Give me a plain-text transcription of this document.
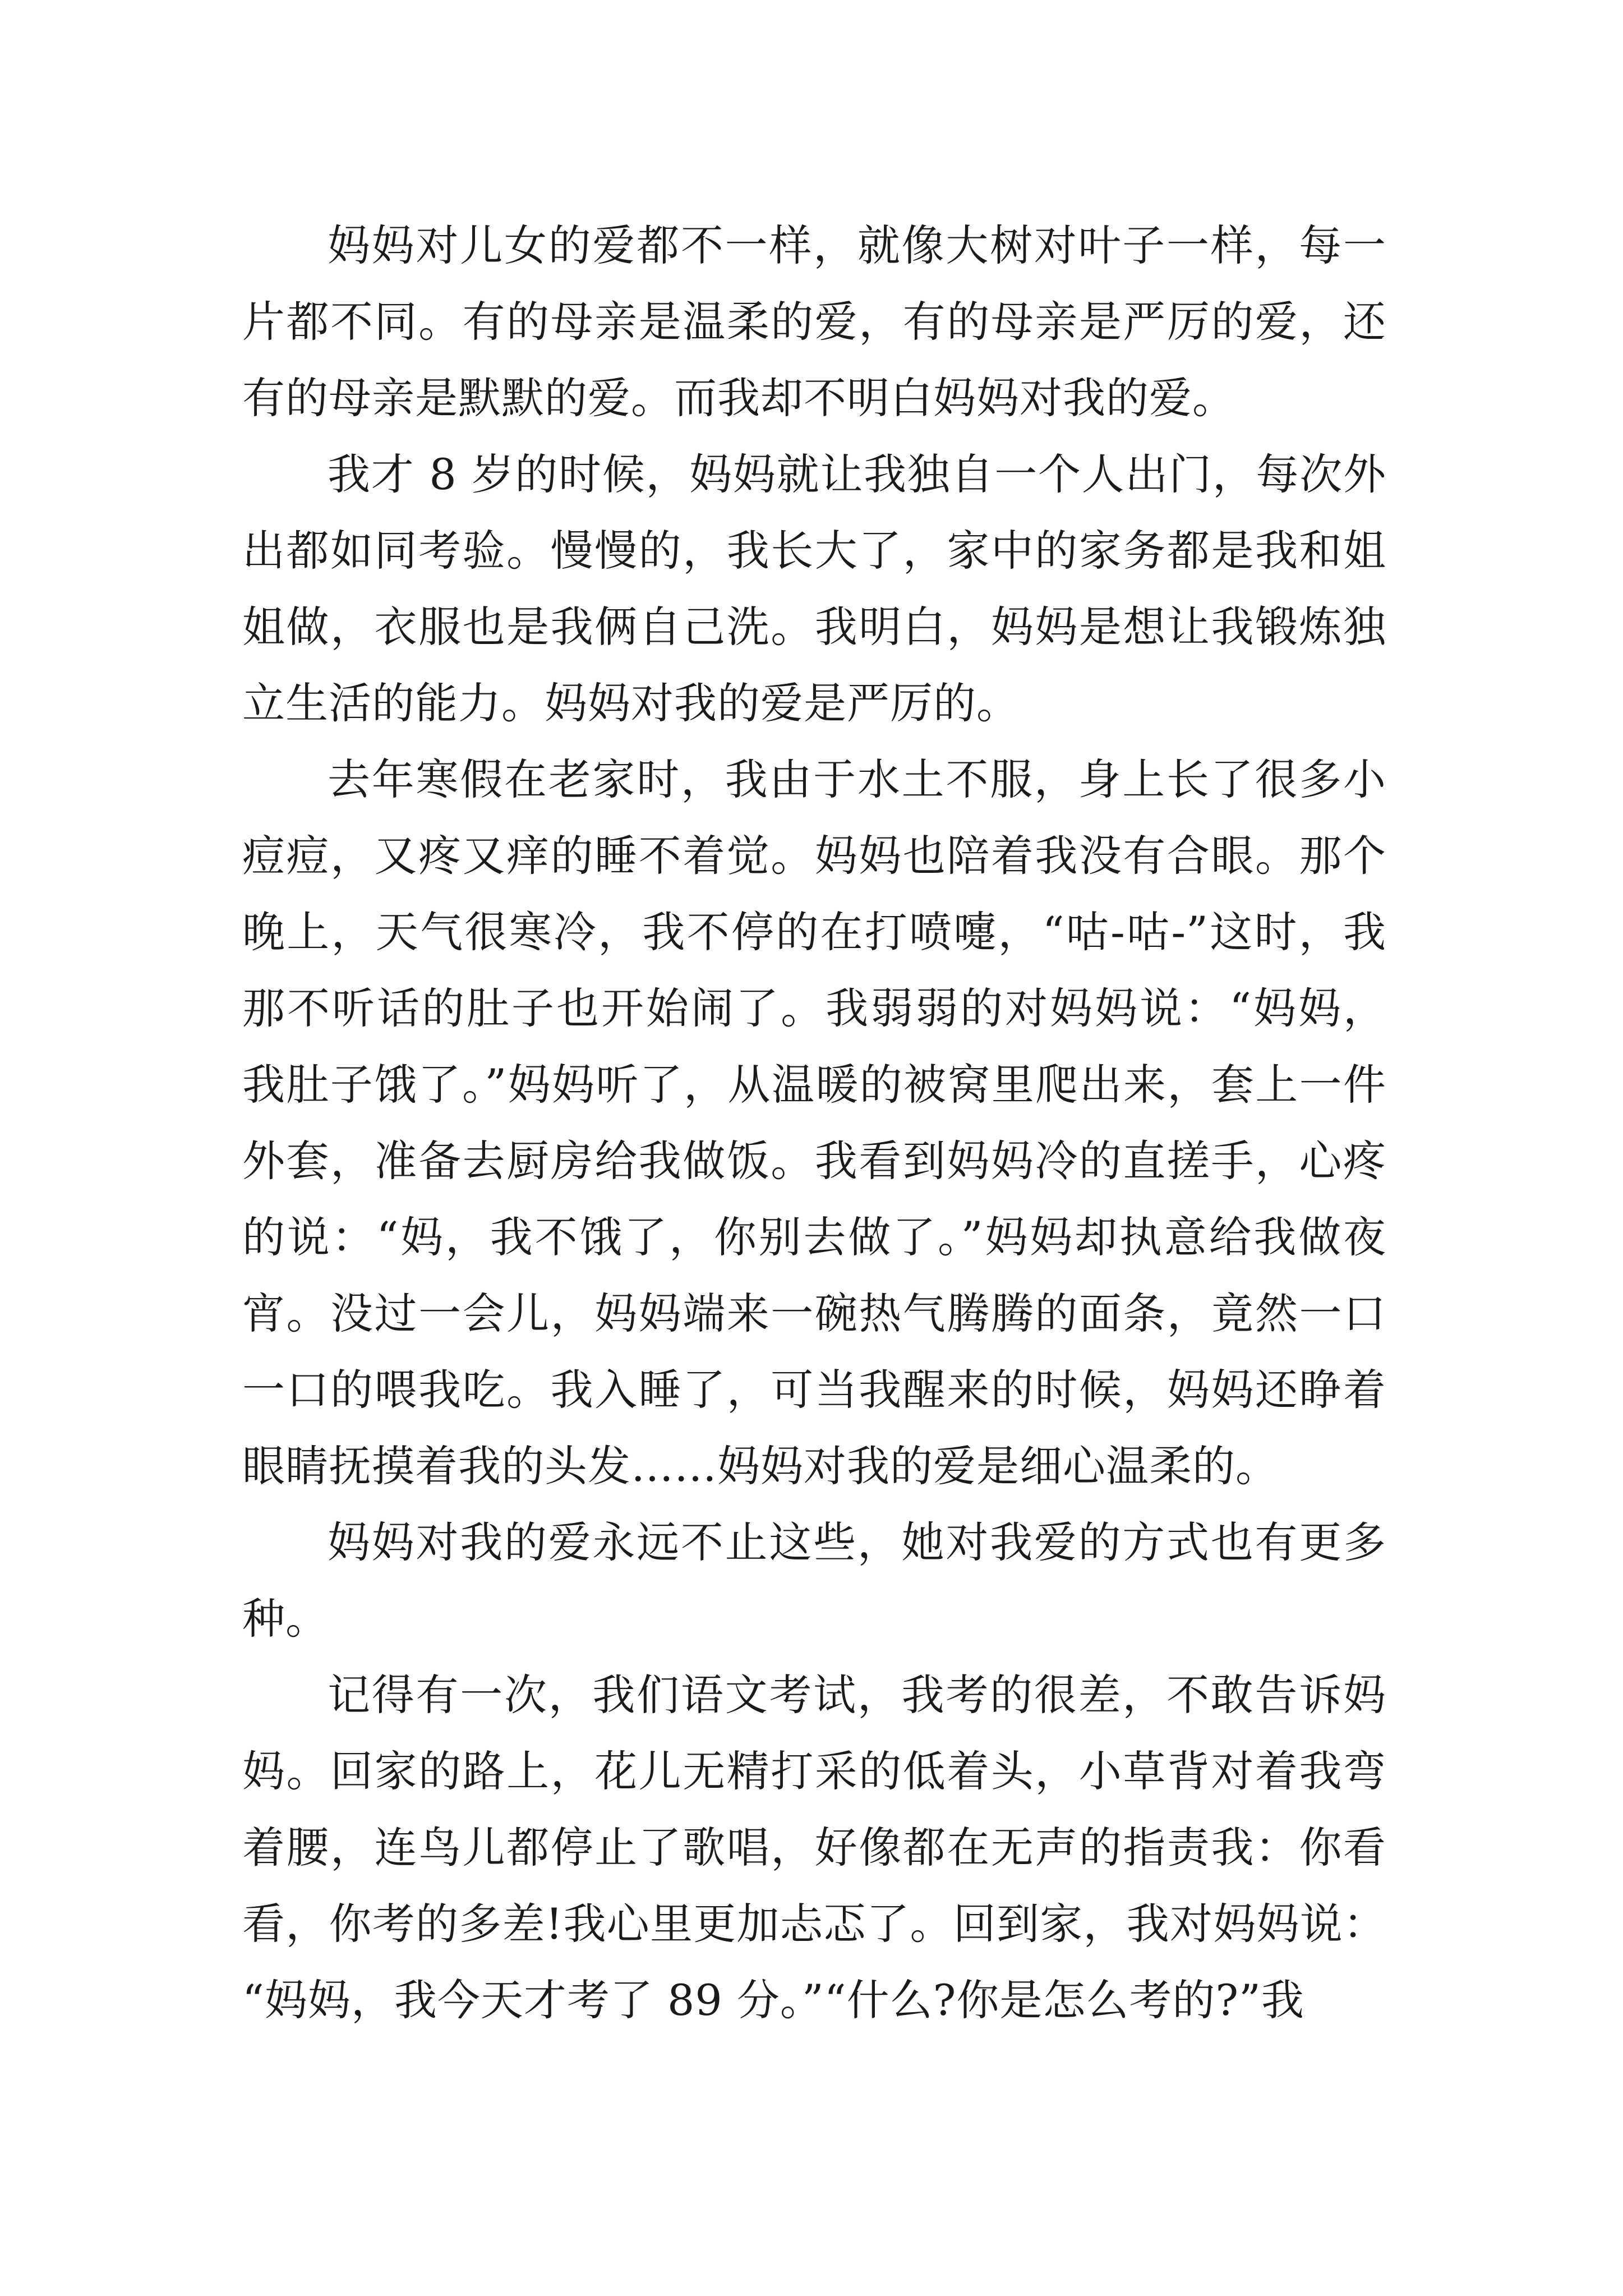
妈妈对儿女的爱都不一样，就像大树对叶子一样，每一片都不同。有的母亲是温柔的爱，有的母亲是严厉的爱，还有的母亲是默默的爱。而我却不明白妈妈对我的爱。

我才 8 岁的时候，妈妈就让我独自一个人出门，每次外出都如同考验。慢慢的，我长大了，家中的家务都是我和姐姐做，衣服也是我俩自己洗。我明白，妈妈是想让我锻炼独立生活的能力。妈妈对我的爱是严厉的。

去年寒假在老家时，我由于水土不服，身上长了很多小痘痘，又疼又痒的睡不着觉。妈妈也陪着我没有合眼。那个晚上，天气很寒冷，我不停的在打喷嚏，“咕-咕-”这时，我那不听话的肚子也开始闹了。我弱弱的对妈妈说：“妈妈，我肚子饿了。”妈妈听了，从温暖的被窝里爬出来，套上一件外套，准备去厨房给我做饭。我看到妈妈冷的直搓手，心疼的说：“妈，我不饿了，你别去做了。”妈妈却执意给我做夜宵。没过一会儿，妈妈端来一碗热气腾腾的面条，竟然一口一口的喂我吃。我入睡了，可当我醒来的时候，妈妈还睁着眼睛抚摸着我的头发……妈妈对我的爱是细心温柔的。

妈妈对我的爱永远不止这些，她对我爱的方式也有更多种。

记得有一次，我们语文考试，我考的很差，不敢告诉妈妈。回家的路上，花儿无精打采的低着头，小草背对着我弯着腰，连鸟儿都停止了歌唱，好像都在无声的指责我：你看看，你考的多差!我心里更加忐忑了。回到家，我对妈妈说：“妈妈，我今天才考了 89 分。”“什么?你是怎么考的?”我
